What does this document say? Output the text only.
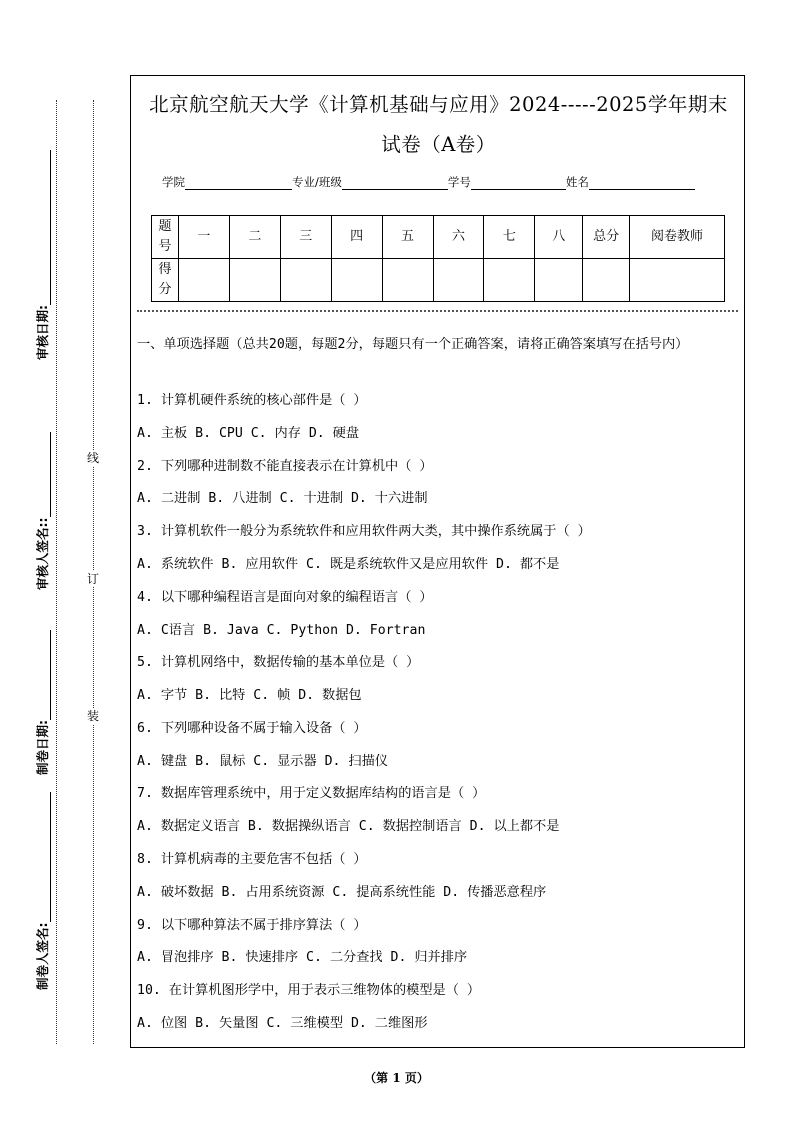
审核日期:
审核人签名::
制卷日期:
制卷人签名:
线
订
装
北京航空航天大学《计算机基础与应用》2024-----2025学年期末
试卷（A卷）
学院	专业/班级	学号	姓名
题号	一	二	三	四	五	六	七	八	总分	阅卷教师
得分										
一、单项选择题（总共20题，每题2分，每题只有一个正确答案，请将正确答案填写在括号内）
1. 计算机硬件系统的核心部件是（ ）
A. 主板 B. CPU C. 内存 D. 硬盘
2. 下列哪种进制数不能直接表示在计算机中（ ）
A. 二进制 B. 八进制 C. 十进制 D. 十六进制
3. 计算机软件一般分为系统软件和应用软件两大类，其中操作系统属于（ ）
A. 系统软件 B. 应用软件 C. 既是系统软件又是应用软件 D. 都不是
4. 以下哪种编程语言是面向对象的编程语言（ ）
A. C语言 B. Java C. Python D. Fortran
5. 计算机网络中，数据传输的基本单位是（ ）
A. 字节 B. 比特 C. 帧 D. 数据包
6. 下列哪种设备不属于输入设备（ ）
A. 键盘 B. 鼠标 C. 显示器 D. 扫描仪
7. 数据库管理系统中，用于定义数据库结构的语言是（ ）
A. 数据定义语言 B. 数据操纵语言 C. 数据控制语言 D. 以上都不是
8. 计算机病毒的主要危害不包括（ ）
A. 破坏数据 B. 占用系统资源 C. 提高系统性能 D. 传播恶意程序
9. 以下哪种算法不属于排序算法（ ）
A. 冒泡排序 B. 快速排序 C. 二分查找 D. 归并排序
10. 在计算机图形学中，用于表示三维物体的模型是（ ）
A. 位图 B. 矢量图 C. 三维模型 D. 二维图形
（第 1 页）
